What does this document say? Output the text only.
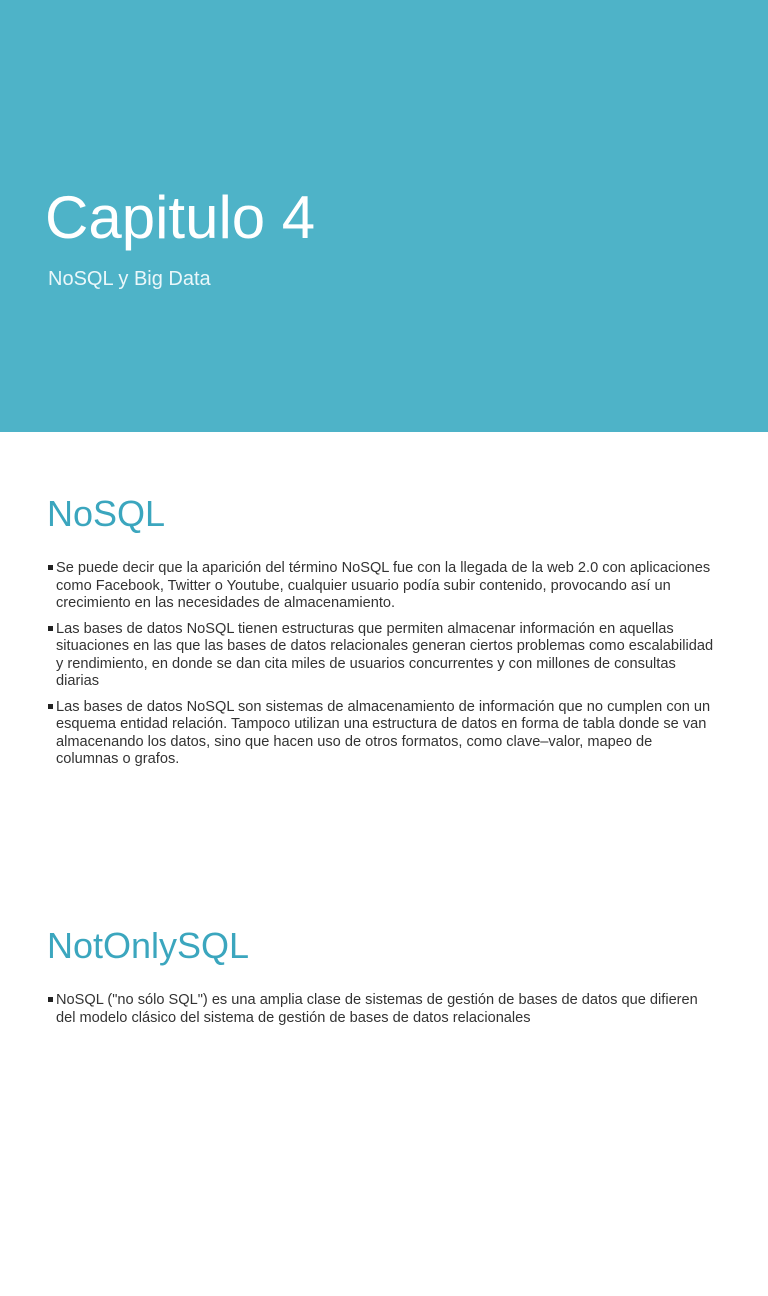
Capitulo 4
NoSQL y Big Data
NoSQL
Se puede decir que la aparición del término NoSQL fue con la llegada de la web 2.0 con aplicaciones como Facebook, Twitter o Youtube, cualquier usuario podía subir contenido, provocando así un crecimiento en las necesidades de almacenamiento.
Las bases de datos NoSQL tienen estructuras que permiten almacenar información en aquellas situaciones en las que las bases de datos relacionales generan ciertos problemas como escalabilidad y rendimiento, en donde se dan cita miles de usuarios concurrentes y con millones de consultas diarias
Las bases de datos NoSQL son sistemas de almacenamiento de información que no cumplen con un esquema entidad relación. Tampoco utilizan una estructura de datos en forma de tabla donde se van almacenando los datos, sino que hacen uso de otros formatos, como clave–valor, mapeo de columnas o grafos.
NotOnlySQL
NoSQL ("no sólo SQL") es una amplia clase de sistemas de gestión de bases de datos que difieren del modelo clásico del sistema de gestión de bases de datos relacionales
